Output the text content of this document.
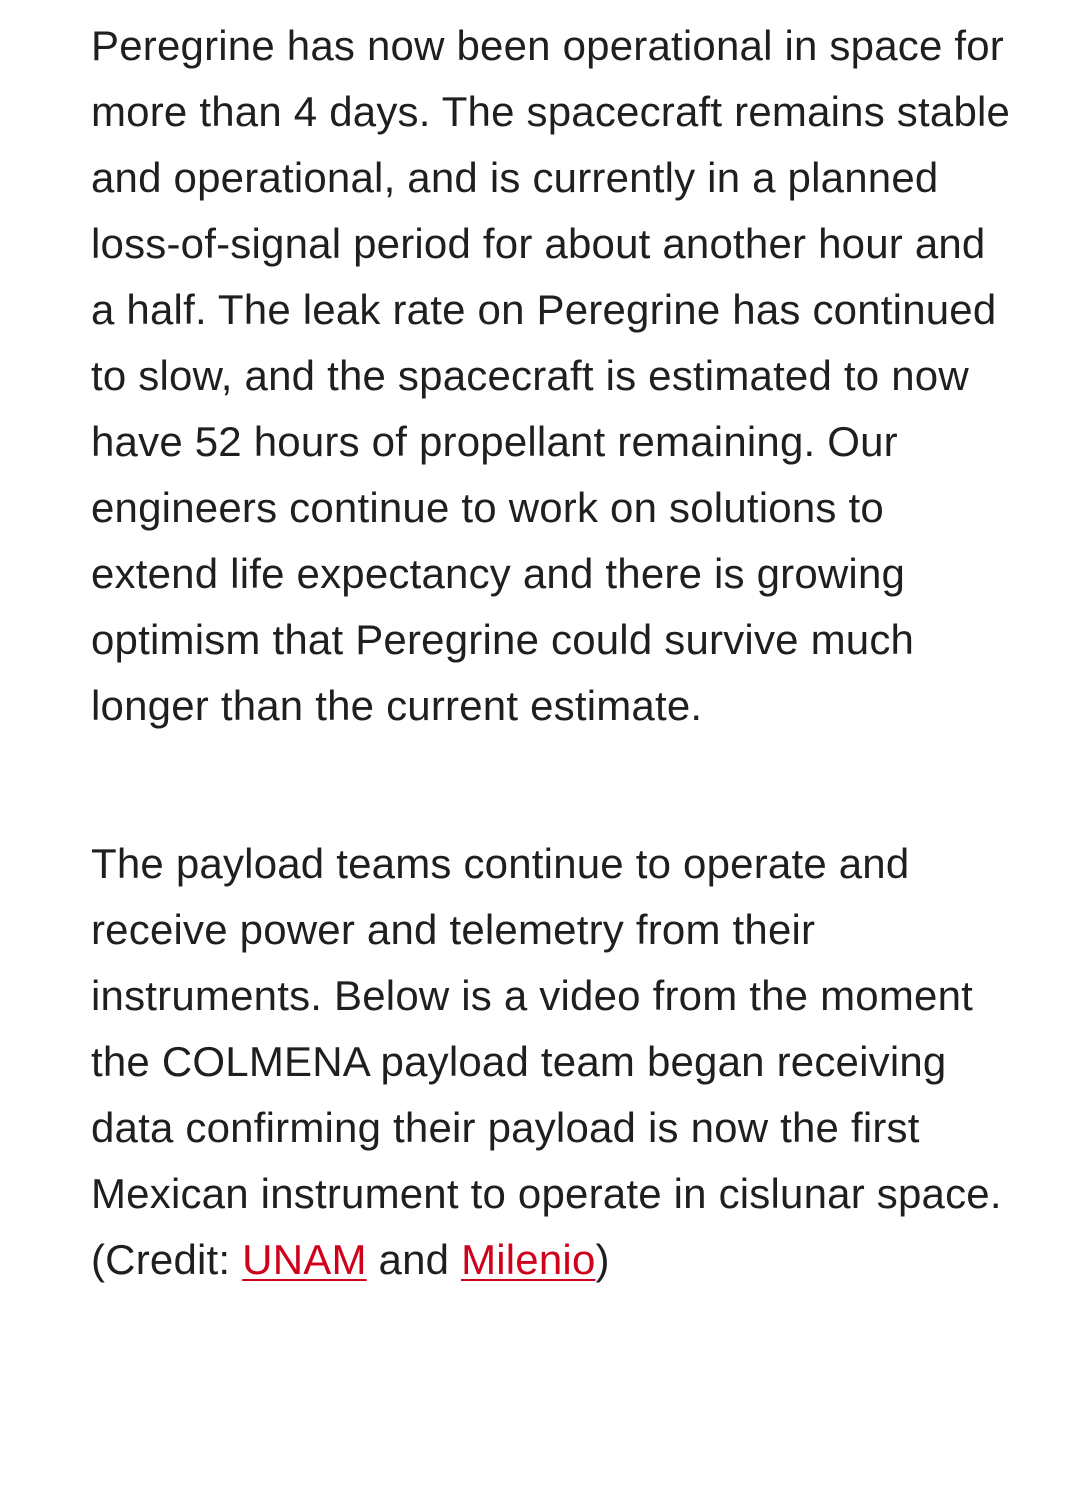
Peregrine has now been operational in space for more than 4 days. The spacecraft remains stable and operational, and is currently in a planned loss-of-signal period for about another hour and a half. The leak rate on Peregrine has continued to slow, and the spacecraft is estimated to now have 52 hours of propellant remaining. Our engineers continue to work on solutions to extend life expectancy and there is growing optimism that Peregrine could survive much longer than the current estimate.

The payload teams continue to operate and receive power and telemetry from their instruments. Below is a video from the moment the COLMENA payload team began receiving data confirming their payload is now the first Mexican instrument to operate in cislunar space.
(Credit: UNAM and Milenio)
